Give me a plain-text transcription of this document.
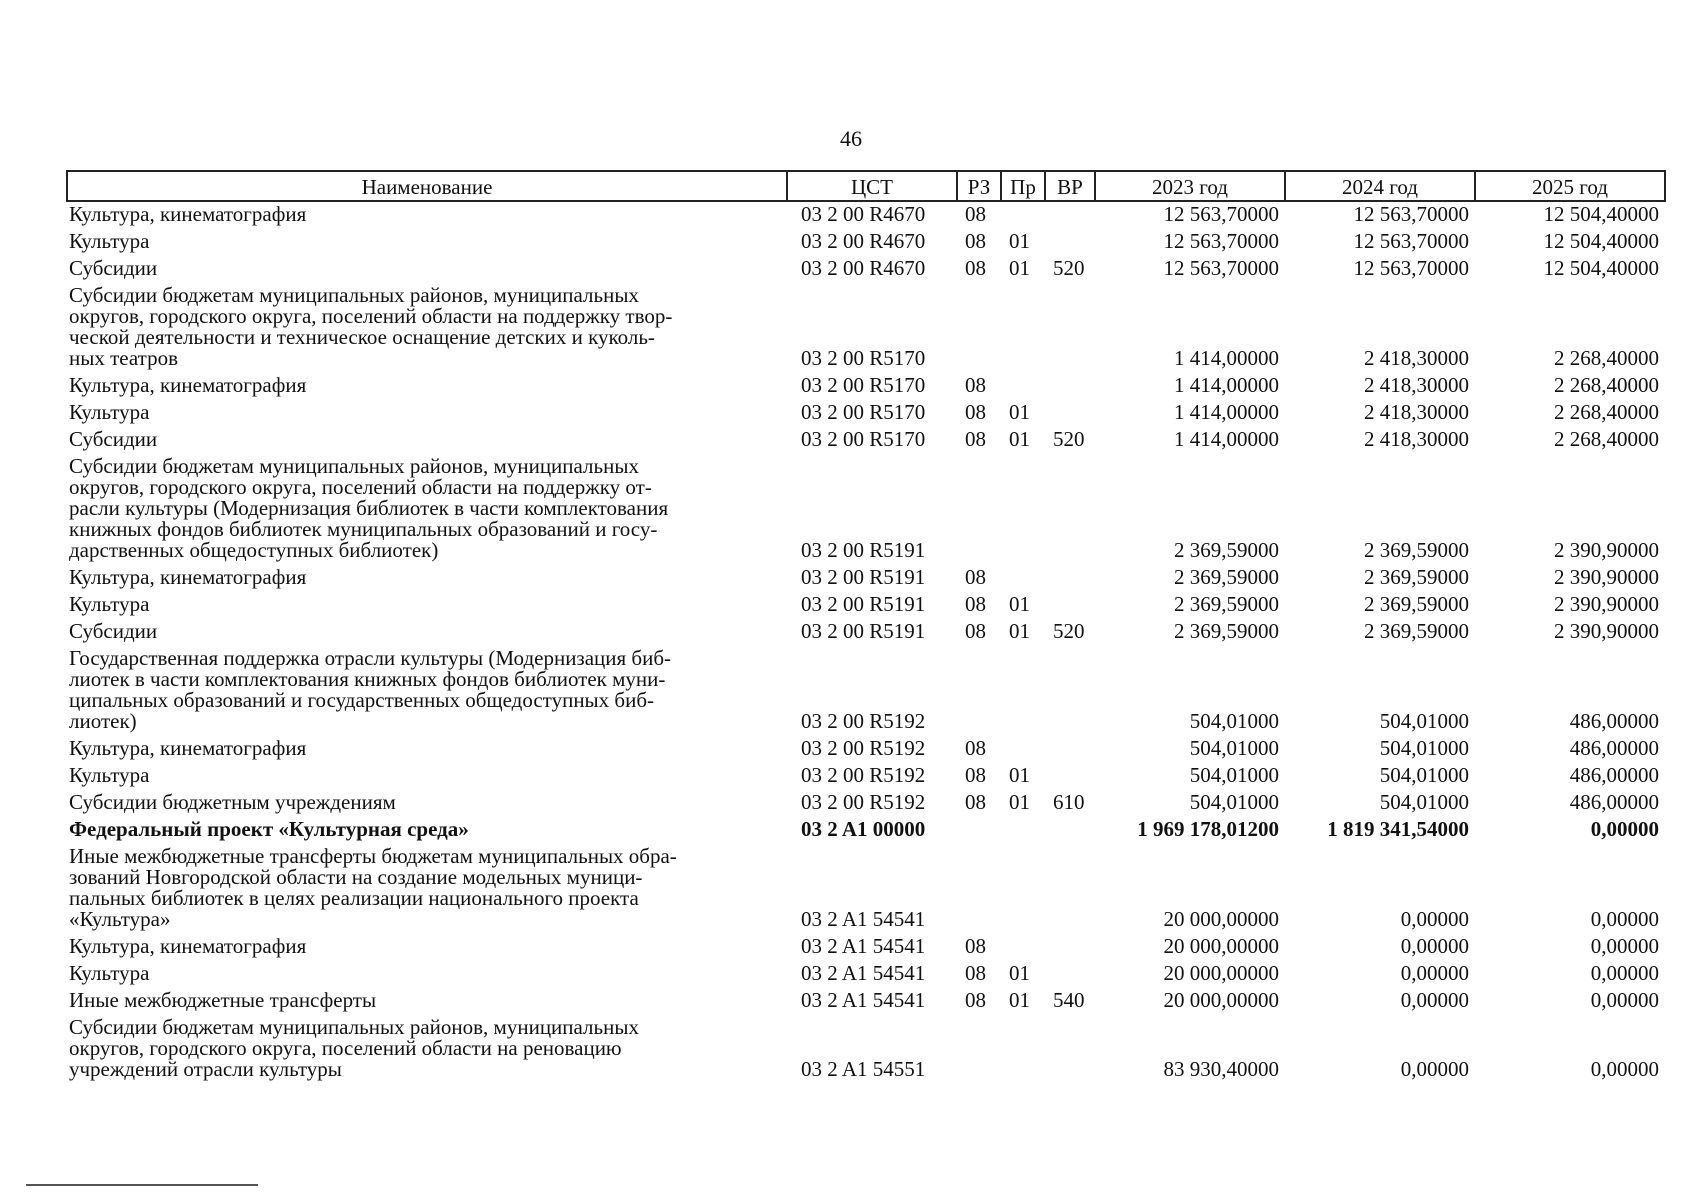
46
Наименование	ЦСТ	РЗ	Пр	ВР	2023 год	2024 год	2025 год

Культура, кинематография	03 2 00 R4670	08			12 563,70000	12 563,70000	12 504,40000

Культура	03 2 00 R4670	08	01		12 563,70000	12 563,70000	12 504,40000

Субсидии	03 2 00 R4670	08	01	520	12 563,70000	12 563,70000	12 504,40000

Субсидии бюджетам муниципальных районов, муниципальных
округов, городского округа, поселений области на поддержку твор-
ческой деятельности и техническое оснащение детских и куколь-
ных театров	03 2 00 R5170				1 414,00000	2 418,30000	2 268,40000

Культура, кинематография	03 2 00 R5170	08			1 414,00000	2 418,30000	2 268,40000

Культура	03 2 00 R5170	08	01		1 414,00000	2 418,30000	2 268,40000

Субсидии	03 2 00 R5170	08	01	520	1 414,00000	2 418,30000	2 268,40000

Субсидии бюджетам муниципальных районов, муниципальных
округов, городского округа, поселений области на поддержку от-
расли культуры (Модернизация библиотек в части комплектования
книжных фондов библиотек муниципальных образований и госу-
дарственных общедоступных библиотек)	03 2 00 R5191				2 369,59000	2 369,59000	2 390,90000

Культура, кинематография	03 2 00 R5191	08			2 369,59000	2 369,59000	2 390,90000

Культура	03 2 00 R5191	08	01		2 369,59000	2 369,59000	2 390,90000

Субсидии	03 2 00 R5191	08	01	520	2 369,59000	2 369,59000	2 390,90000

Государственная поддержка отрасли культуры (Модернизация биб-
лиотек в части комплектования книжных фондов библиотек муни-
ципальных образований и государственных общедоступных биб-
лиотек)	03 2 00 R5192				504,01000	504,01000	486,00000

Культура, кинематография	03 2 00 R5192	08			504,01000	504,01000	486,00000

Культура	03 2 00 R5192	08	01		504,01000	504,01000	486,00000

Субсидии бюджетным учреждениям	03 2 00 R5192	08	01	610	504,01000	504,01000	486,00000

Федеральный проект «Культурная среда»	03 2 A1 00000				1 969 178,01200	1 819 341,54000	0,00000

Иные межбюджетные трансферты бюджетам муниципальных обра-
зований Новгородской области на создание модельных муници-
пальных библиотек в целях реализации национального проекта
«Культура»	03 2 A1 54541				20 000,00000	0,00000	0,00000

Культура, кинематография	03 2 A1 54541	08			20 000,00000	0,00000	0,00000

Культура	03 2 A1 54541	08	01		20 000,00000	0,00000	0,00000

Иные межбюджетные трансферты	03 2 A1 54541	08	01	540	20 000,00000	0,00000	0,00000

Субсидии бюджетам муниципальных районов, муниципальных
округов, городского округа, поселений области на реновацию
учреждений отрасли культуры	03 2 A1 54551				83 930,40000	0,00000	0,00000
